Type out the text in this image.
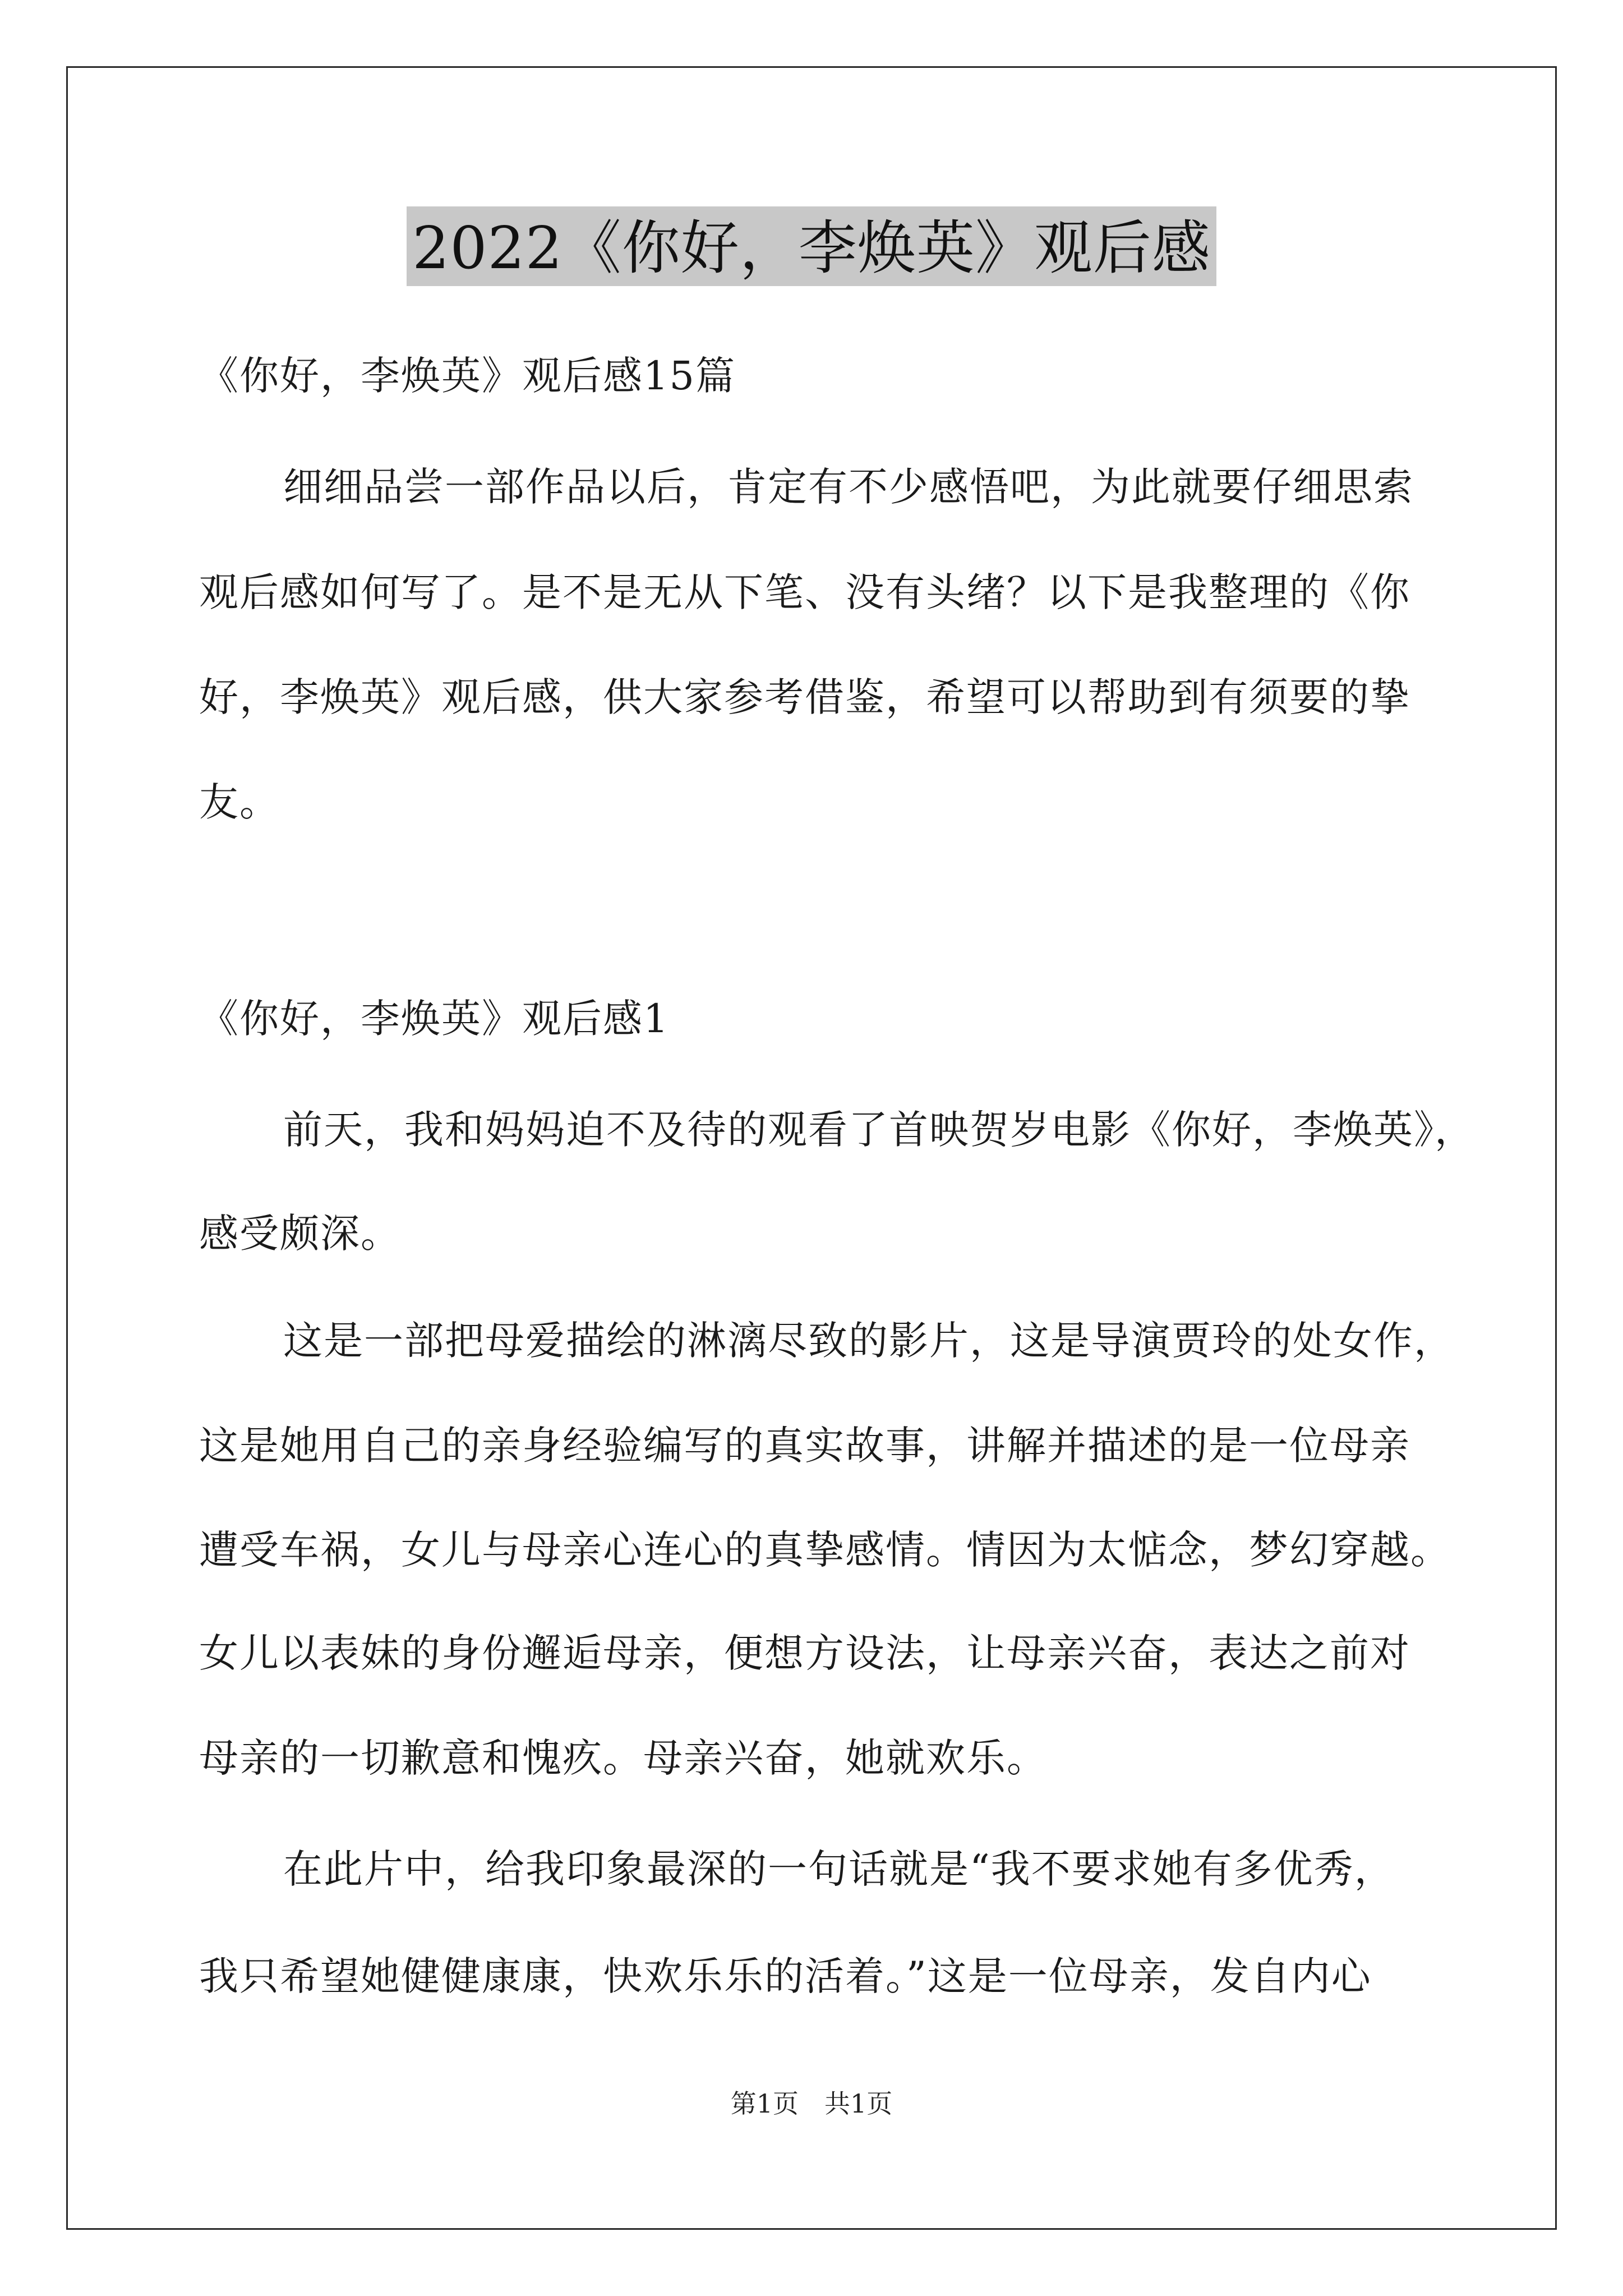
2022《你好，李焕英》观后感
《你好，李焕英》观后感15篇
细细品尝一部作品以后，肯定有不少感悟吧，为此就要仔细思索
观后感如何写了。是不是无从下笔、没有头绪？以下是我整理的《你
好，李焕英》观后感，供大家参考借鉴，希望可以帮助到有须要的挚
友。
《你好，李焕英》观后感1
前天，我和妈妈迫不及待的观看了首映贺岁电影《你好，李焕英》，
感受颇深。
这是一部把母爱描绘的淋漓尽致的影片，这是导演贾玲的处女作，
这是她用自己的亲身经验编写的真实故事，讲解并描述的是一位母亲
遭受车祸，女儿与母亲心连心的真挚感情。情因为太惦念，梦幻穿越。
女儿以表妹的身份邂逅母亲，便想方设法，让母亲兴奋，表达之前对
母亲的一切歉意和愧疚。母亲兴奋，她就欢乐。
在此片中，给我印象最深的一句话就是“我不要求她有多优秀，
我只希望她健健康康，快欢乐乐的活着。”这是一位母亲，发自内心
第1页　共1页
